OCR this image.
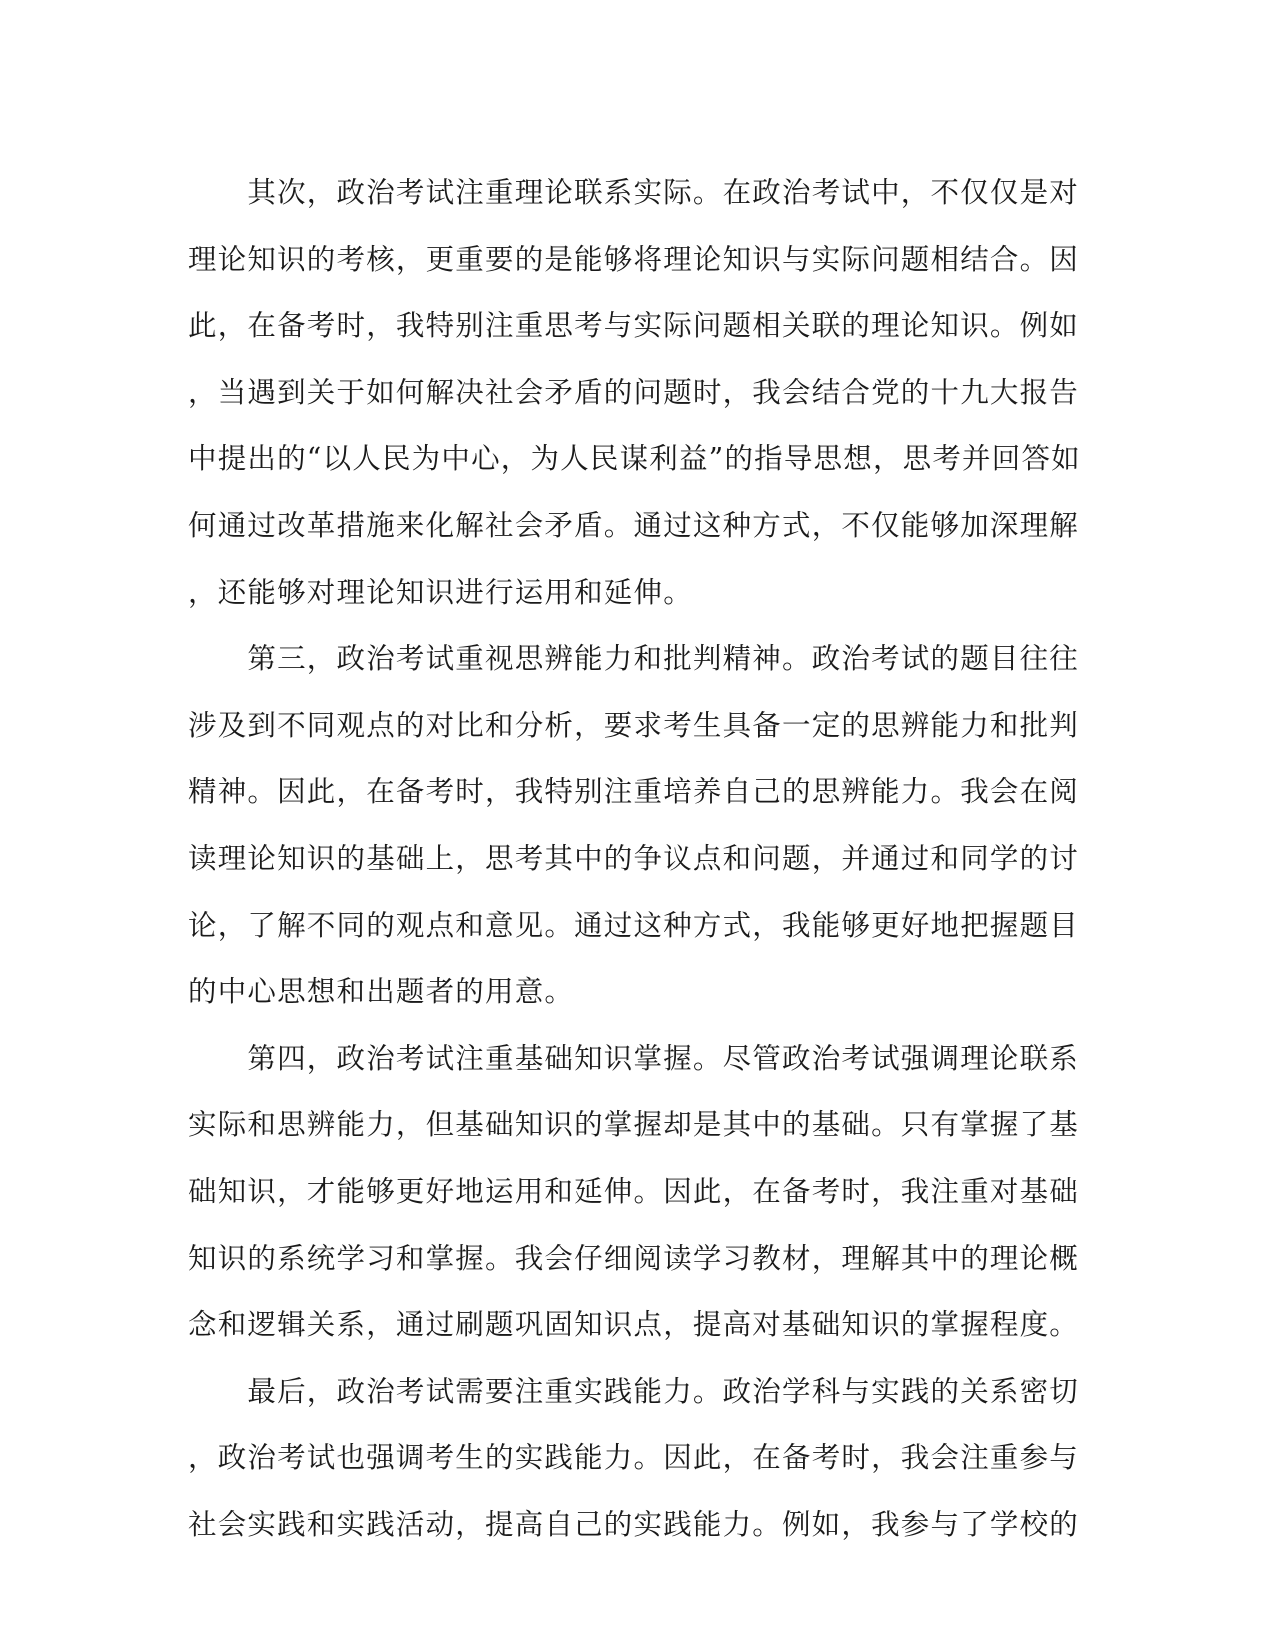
　　其次，政治考试注重理论联系实际。在政治考试中，不仅仅是对
理论知识的考核，更重要的是能够将理论知识与实际问题相结合。因
此，在备考时，我特别注重思考与实际问题相关联的理论知识。例如
，当遇到关于如何解决社会矛盾的问题时，我会结合党的十九大报告
中提出的“以人民为中心，为人民谋利益”的指导思想，思考并回答如
何通过改革措施来化解社会矛盾。通过这种方式，不仅能够加深理解
，还能够对理论知识进行运用和延伸。
　　第三，政治考试重视思辨能力和批判精神。政治考试的题目往往
涉及到不同观点的对比和分析，要求考生具备一定的思辨能力和批判
精神。因此，在备考时，我特别注重培养自己的思辨能力。我会在阅
读理论知识的基础上，思考其中的争议点和问题，并通过和同学的讨
论，了解不同的观点和意见。通过这种方式，我能够更好地把握题目
的中心思想和出题者的用意。
　　第四，政治考试注重基础知识掌握。尽管政治考试强调理论联系
实际和思辨能力，但基础知识的掌握却是其中的基础。只有掌握了基
础知识，才能够更好地运用和延伸。因此，在备考时，我注重对基础
知识的系统学习和掌握。我会仔细阅读学习教材，理解其中的理论概
念和逻辑关系，通过刷题巩固知识点，提高对基础知识的掌握程度。
　　最后，政治考试需要注重实践能力。政治学科与实践的关系密切
，政治考试也强调考生的实践能力。因此，在备考时，我会注重参与
社会实践和实践活动，提高自己的实践能力。例如，我参与了学校的
